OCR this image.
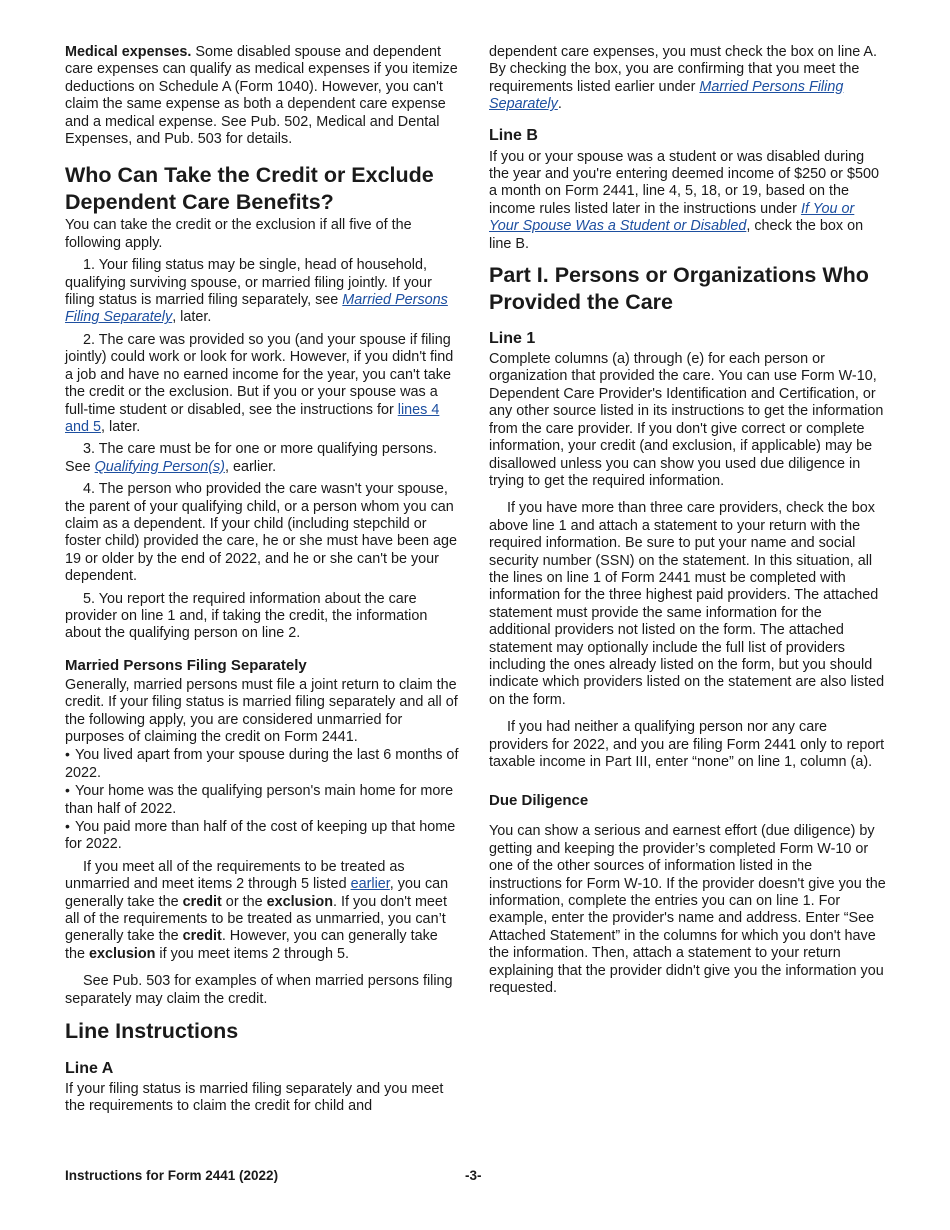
Medical expenses. Some disabled spouse and dependent care expenses can qualify as medical expenses if you itemize deductions on Schedule A (Form 1040). However, you can't claim the same expense as both a dependent care expense and a medical expense. See Pub. 502, Medical and Dental Expenses, and Pub. 503 for details.

Who Can Take the Credit or Exclude Dependent Care Benefits?

You can take the credit or the exclusion if all five of the following apply.

1. Your filing status may be single, head of household, qualifying surviving spouse, or married filing jointly. If your filing status is married filing separately, see Married Persons Filing Separately, later.

2. The care was provided so you (and your spouse if filing jointly) could work or look for work. However, if you didn't find a job and have no earned income for the year, you can't take the credit or the exclusion. But if you or your spouse was a full-time student or disabled, see the instructions for lines 4 and 5, later.

3. The care must be for one or more qualifying persons. See Qualifying Person(s), earlier.

4. The person who provided the care wasn't your spouse, the parent of your qualifying child, or a person whom you can claim as a dependent. If your child (including stepchild or foster child) provided the care, he or she must have been age 19 or older by the end of 2022, and he or she can't be your dependent.

5. You report the required information about the care provider on line 1 and, if taking the credit, the information about the qualifying person on line 2.

Married Persons Filing Separately

Generally, married persons must file a joint return to claim the credit. If your filing status is married filing separately and all of the following apply, you are considered unmarried for purposes of claiming the credit on Form 2441.

• You lived apart from your spouse during the last 6 months of 2022.

• Your home was the qualifying person's main home for more than half of 2022.

• You paid more than half of the cost of keeping up that home for 2022.

If you meet all of the requirements to be treated as unmarried and meet items 2 through 5 listed earlier, you can generally take the credit or the exclusion. If you don't meet all of the requirements to be treated as unmarried, you can’t generally take the credit. However, you can generally take the exclusion if you meet items 2 through 5.

See Pub. 503 for examples of when married persons filing separately may claim the credit.

Line Instructions
Line A

If your filing status is married filing separately and you meet the requirements to claim the credit for child and

dependent care expenses, you must check the box on line A. By checking the box, you are confirming that you meet the requirements listed earlier under Married Persons Filing Separately.

Line B

If you or your spouse was a student or was disabled during the year and you're entering deemed income of $250 or $500 a month on Form 2441, line 4, 5, 18, or 19, based on the income rules listed later in the instructions under If You or Your Spouse Was a Student or Disabled, check the box on line B.

Part I. Persons or Organizations Who Provided the Care
Line 1

Complete columns (a) through (e) for each person or organization that provided the care. You can use Form W-10, Dependent Care Provider's Identification and Certification, or any other source listed in its instructions to get the information from the care provider. If you don't give correct or complete information, your credit (and exclusion, if applicable) may be disallowed unless you can show you used due diligence in trying to get the required information.

If you have more than three care providers, check the box above line 1 and attach a statement to your return with the required information. Be sure to put your name and social security number (SSN) on the statement. In this situation, all the lines on line 1 of Form 2441 must be completed with information for the three highest paid providers. The attached statement must provide the same information for the additional providers not listed on the form. The attached statement may optionally include the full list of providers including the ones already listed on the form, but you should indicate which providers listed on the statement are also listed on the form.

If you had neither a qualifying person nor any care providers for 2022, and you are filing Form 2441 only to report taxable income in Part III, enter “none” on line 1, column (a).

Due Diligence

You can show a serious and earnest effort (due diligence) by getting and keeping the provider’s completed Form W-10 or one of the other sources of information listed in the instructions for Form W-10. If the provider doesn't give you the information, complete the entries you can on line 1. For example, enter the provider's name and address. Enter “See Attached Statement” in the columns for which you don't have the information. Then, attach a statement to your return explaining that the provider didn't give you the information you requested.

Instructions for Form 2441 (2022)	-3-
